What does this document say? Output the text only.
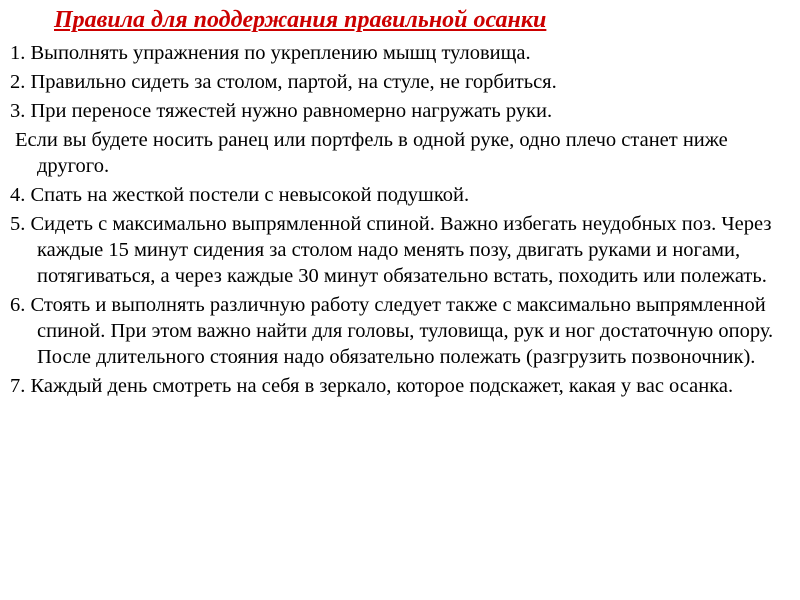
Правила для поддержания правильной осанки
1. Выполнять упражнения по укреплению мышц туловища.
2. Правильно сидеть за столом, партой, на стуле, не горбиться.
3. При переносе тяжестей нужно равномерно нагружать руки.
Если вы будете носить ранец или портфель в одной руке, одно плечо станет ниже другого.
4. Спать на жесткой постели с невысокой подушкой.
5. Сидеть с максимально выпрямленной спиной. Важно избегать неудобных поз. Через каждые 15 минут сидения за столом надо менять позу, двигать руками и ногами, потягиваться, а через каждые 30 минут обязательно встать, походить или полежать.
6. Стоять и выполнять различную работу следует также с максимально выпрямленной спиной. При этом важно найти для головы, туловища, рук и ног достаточную опору. После длительного стояния надо обязательно полежать (разгрузить позвоночник).
7. Каждый день смотреть на себя в зеркало, которое подскажет, какая у вас осанка.
